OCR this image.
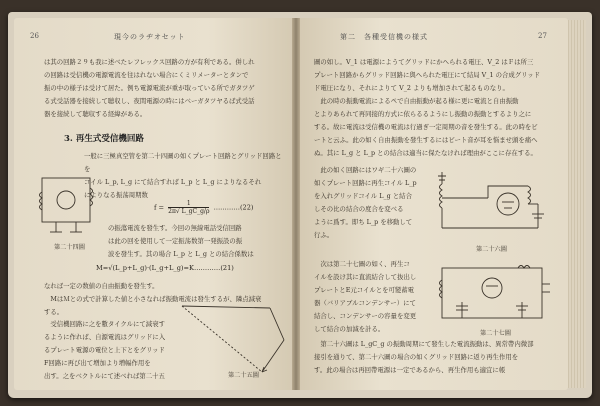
26	現今のラヂオセット
は其の回路２９も我に述べたレフレックス回路の方が有利である。併しれ
の回路は受信機の電源電流を往はれない場合にくミリメーターとタンで
振の中の様子は受けて居た。例ち電源電流が重が取っている所でガタツゲ
る式受話器を接続して聴収し、夜間電源の時にはベーガタツヤるば式受話
器を接続して聴収する経緯がある。
3. 再生式受信機回路
一般に三極真空管を第二十四圖の如くプレート回路とグリッド回路とを
コイル L_p, L_g にて結合すれば L_p と L_g によりなるそれ
によりなる振荡周期数
第二十四圖
$f = \frac{1}{2\pi√ L\_gC\_g/\rho}$ …………(22)
の振蕩電流を發生す。今回の無線電話受信回路
は此の回を使用して一定振荡数第一発振設の振
波を發生す。其の場合 L_p と L_g との結合係数は
M=√(L_p+L_g)·(L_g+L_g)=K…………(21)
なれば一定の数値の自由振動を發生す。
　MはＭとの式で計算した値と小さなれば振動電流は發生するが、隣点減衰
する。
　受信機回路に之を數タイクルにて減衰す
るように作れば、自源電流はグリッドに入
るプレート電源の電位と上下とをグリッド
F回路に再び出て増加より増幅作用を
出す。之をベクトルにて述べれば第二十五	第二十五圖
第二　各種受信機の様式	27
圖の如し。V_1 は電源にようてグリッドにかへられる電圧、V_2 はＦは所三
プレート回路からグリッド回路に與へられた電圧にて結局 V_1 の合成グリッド
ド電圧になり、それによりて V_2 よりも增加されて起るものなり。
　此の時の振動電流によるペで自由振動が起る様に更に電流と自由振動
とよりあられて再同接的方式に依らるるようにし振動の振動とするより之に
する。故に電流は受信機の電流は行過ぎ一定周期の音を發生する。此の時をビ
ートと云ふ。此の如く自由振動を發生するにはビート音が耳を悩ませ頭を痛へ
ぬ。其に L_g と L_p との結合は適当に保たなければ理由がここに存在する。
　此の如く回路にはワギ二十六圖の
如くプレート回路に再生コイル L_p
を入れグリッドコイル L_g と結合
しその比の結合の度合を変べる
ように爲す。即ち L_p を移動して
行ふ。
第二十六圖
　次は第二十七圖の如く、再生コ
イルを設け其に直流結合して抜出し
プレートとE元コイルとを可變蓄電
器（バリアブルコンデンサー）にて
結合し、コンデンサーの容量を変更
して結合の加減を計る。
第二十七圖
　第二十六圖は L_gC_g の振動周期にて發生した電流振動は、異常帶内微部
接引を通りて、第二十六圖の場合の如くグリッド回路に返り再生作用を
す。此の場合は再回帶電源は一定であるから、再生作用も適宜に帳
